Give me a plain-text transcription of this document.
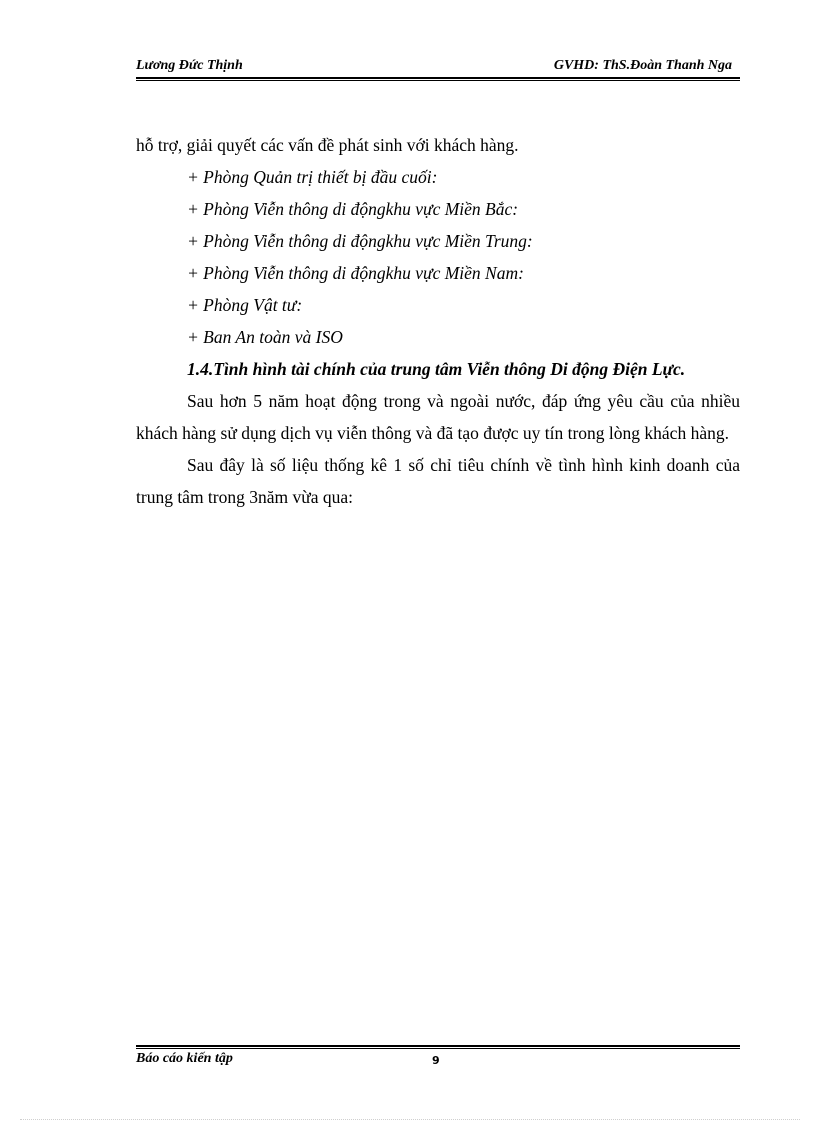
Lương Đức Thịnh	GVHD: ThS.Đoàn Thanh Nga

hỗ trợ, giải quyết các vấn đề phát sinh với khách hàng.

+ Phòng Quản trị thiết bị đầu cuối:

+ Phòng Viễn thông di độngkhu vực Miền Bắc:

+ Phòng Viễn thông di độngkhu vực Miền Trung:

+ Phòng Viễn thông di độngkhu vực Miền Nam:

+ Phòng Vật tư:

+ Ban An toàn và ISO

1.4.Tình hình tài chính của trung tâm Viễn thông Di động Điện Lực.

Sau hơn 5 năm hoạt động trong và ngoài nước, đáp ứng yêu cầu của nhiều khách hàng sử dụng dịch vụ viễn thông và đã tạo được uy tín trong lòng khách hàng.

Sau đây là số liệu thống kê 1 số chỉ tiêu chính về tình hình kinh doanh của trung tâm trong 3năm vừa qua:

Báo cáo kiến tập	9
